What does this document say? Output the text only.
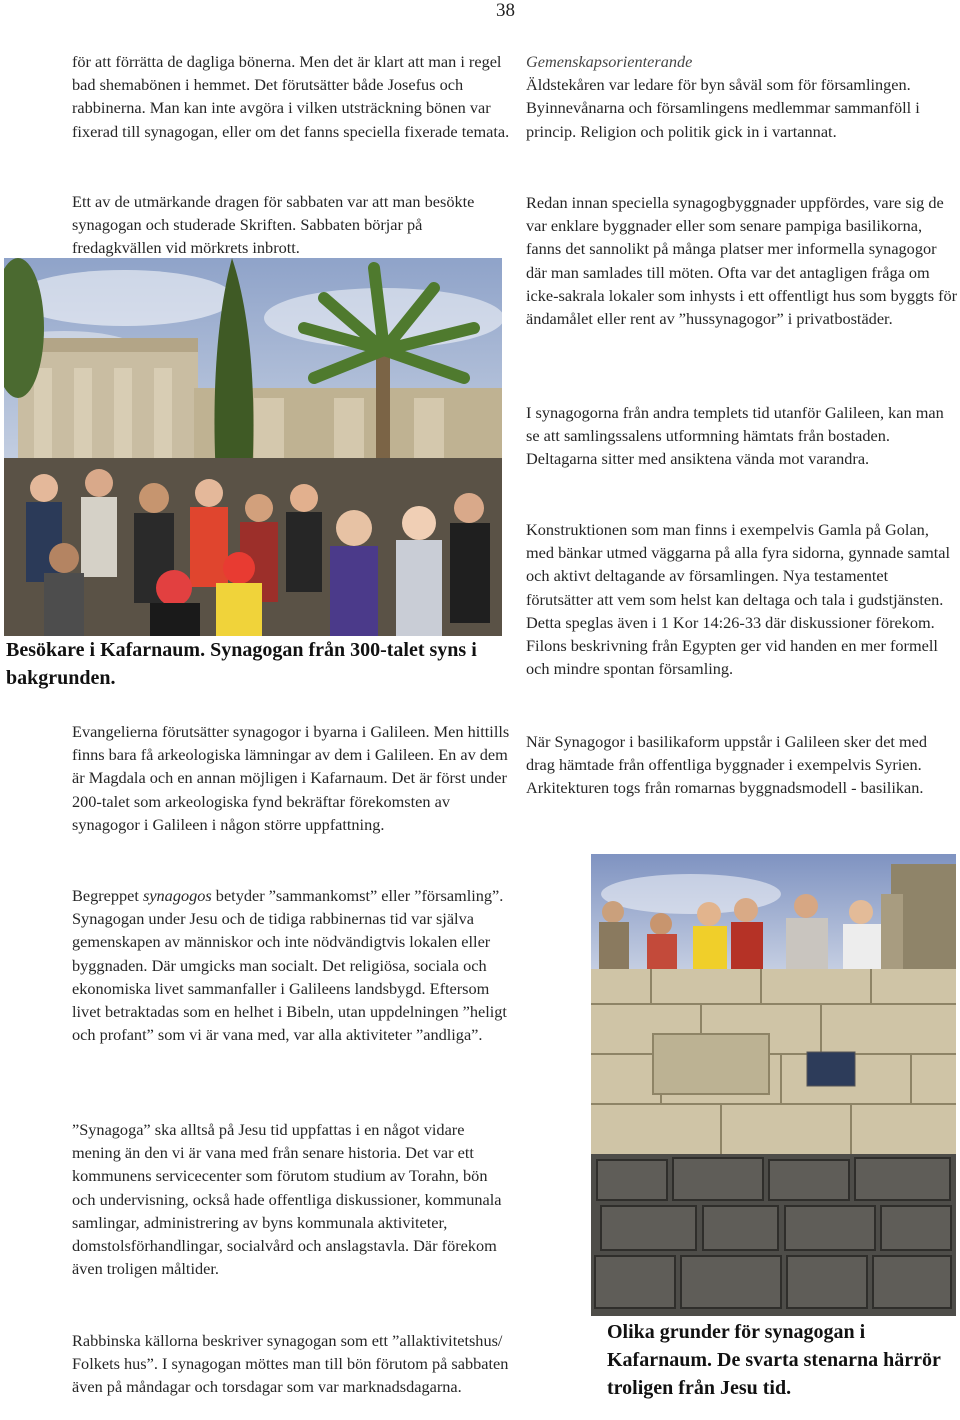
38

för att förrätta de dagliga bönerna. Men det är klart att man i regel bad shemabönen i hemmet. Det förutsätter både Josefus och rabbinerna. Man kan inte avgöra i vilken utsträckning bönen var fixerad till synagogan, eller om det fanns speciella fixerade temata.

Ett av de utmärkande dragen för sabbaten var att man besökte synagogan och studerade Skriften. Sabbaten börjar på fredagkvällen vid mörkrets inbrott.

Besökare i Kafarnaum. Synagogan från 300-talet syns i bakgrunden.

Evangelierna förutsätter synagogor i byarna i Galileen. Men hittills finns bara få arkeologiska lämningar av dem i Galileen. En av dem är Magdala och en annan möjligen i Kafarnaum. Det är först under 200-talet som arkeologiska fynd bekräftar förekomsten av synagogor i Galileen i någon större uppfattning.

Begreppet synagogos betyder ”sammankomst” eller ”församling”. Synagogan under Jesu och de tidiga rabbinernas tid var själva gemenskapen av människor och inte nödvändigtvis lokalen eller byggnaden. Där umgicks man socialt. Det religiösa, sociala och ekonomiska livet sammanfaller i Galileens landsbygd. Eftersom livet betraktadas som en helhet i Bibeln, utan uppdelningen ”heligt och profant” som vi är vana med, var alla aktiviteter ”andliga”.

”Synagoga” ska alltså på Jesu tid uppfattas i en något vidare mening än den vi är vana med från senare historia. Det var ett kommunens servicecenter som förutom studium av Torahn, bön och undervisning, också hade offentliga diskussioner, kommunala samlingar, administrering av byns kommunala aktiviteter, domstolsförhandlingar, socialvård och anslagstavla. Där förekom även troligen måltider.

Rabbinska källorna beskriver synagogan som ett ”allaktivitetshus/ Folkets hus”. I synagogan möttes man till bön förutom på sabbaten även på måndagar och torsdagar som var marknadsdagarna.

Gemenskapsorienterande
Äldstekåren var ledare för byn såväl som för församlingen. Byinnevånarna och församlingens medlemmar sammanföll i princip. Religion och politik gick in i vartannat.

Redan innan speciella synagogbyggnader uppfördes, vare sig de var enklare byggnader eller som senare pampiga basilikorna, fanns det sannolikt på många platser mer informella synagogor där man samlades till möten. Ofta var det antagligen fråga om icke-sakrala lokaler som inhysts i ett offentligt hus som byggts för ändamålet eller rent av ”hussynagogor” i privatbostäder.

I synagogorna från andra templets tid utanför Galileen, kan man se att samlingssalens utformning hämtats från bostaden. Deltagarna sitter med ansiktena vända mot varandra.

Konstruktionen som man finns i exempelvis Gamla på Golan, med bänkar utmed väggarna på alla fyra sidorna, gynnade samtal och aktivt deltagande av församlingen. Nya testamentet förutsätter att vem som helst kan deltaga och tala i gudstjänsten. Detta speglas även i 1 Kor 14:26-33 där diskussioner förekom. Filons beskrivning från Egypten ger vid handen en mer formell och mindre spontan församling.

När Synagogor i basilikaform uppstår i Galileen sker det med drag hämtade från offentliga byggnader i exempelvis Syrien. Arkitekturen togs från romarnas byggnadsmodell - basilikan.

Olika grunder för synagogan i Kafarnaum. De svarta stenarna härrör troligen från Jesu tid.
